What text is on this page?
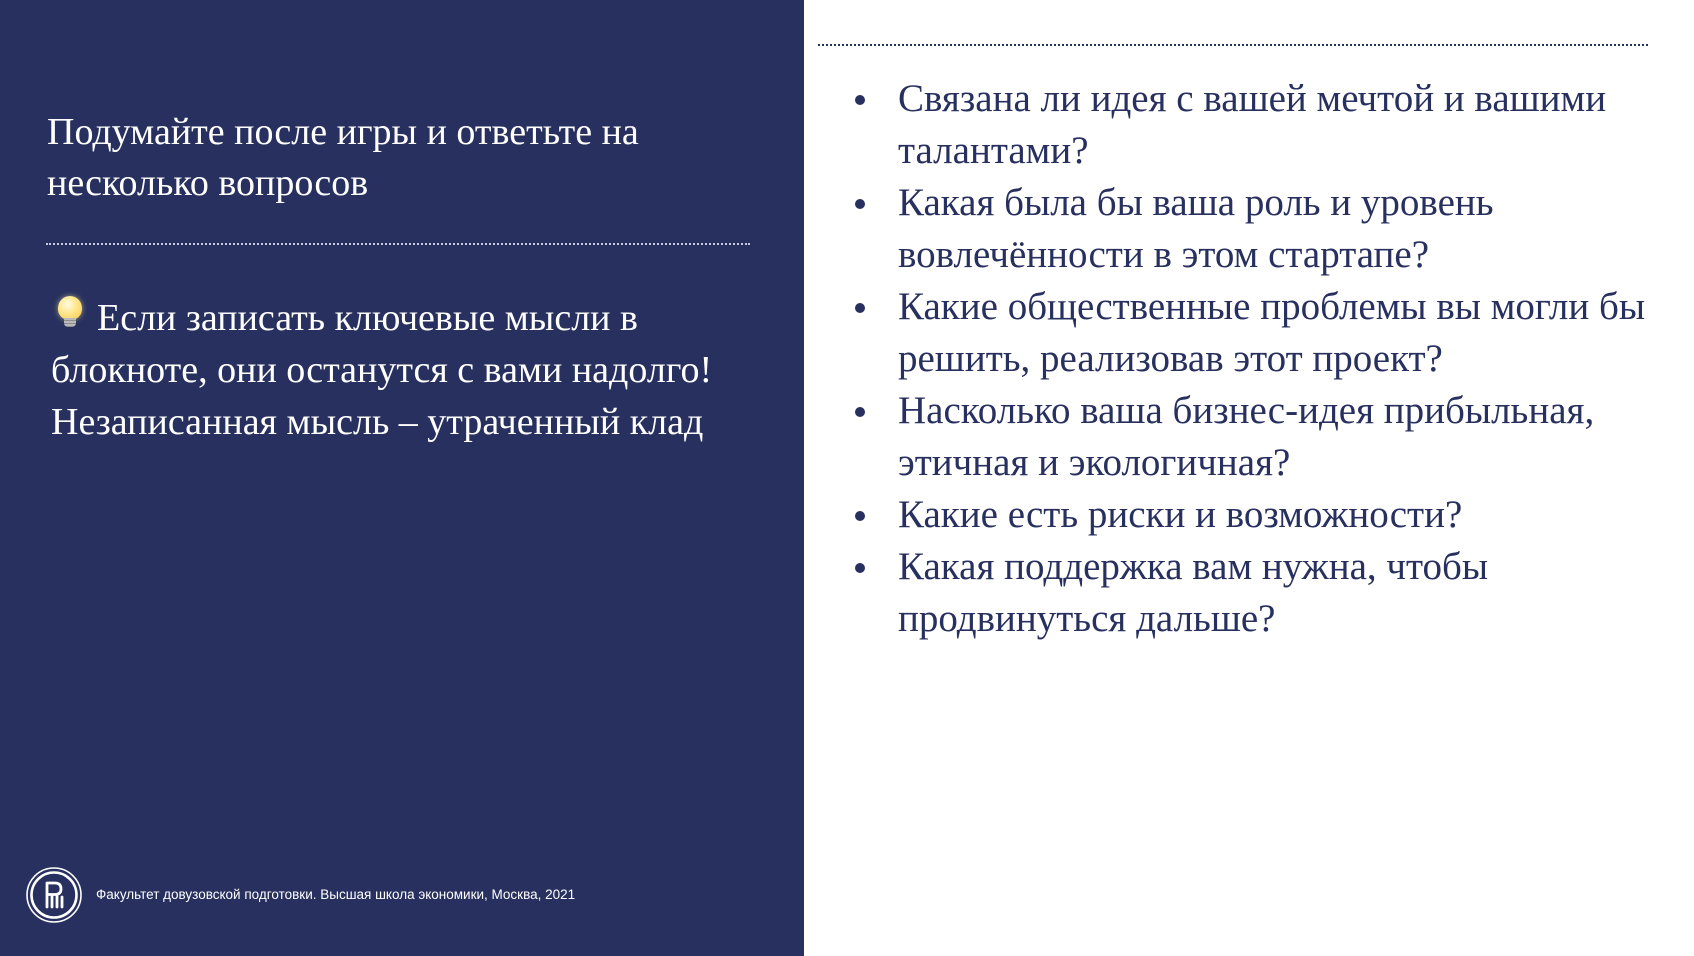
Подумайте после игры и ответьте на несколько вопросов

Если записать ключевые мысли в блокноте, они останутся с вами надолго! Незаписанная мысль – утраченный клад

Факультет довузовской подготовки. Высшая школа экономики, Москва, 2021
Связана ли идея с вашей мечтой и вашими талантами?
Какая была бы ваша роль и уровень вовлечённости в этом стартапе?
Какие общественные проблемы вы могли бы решить, реализовав этот проект?
Насколько ваша бизнес-идея прибыльная, этичная и экологичная?
Какие есть риски и возможности?
Какая поддержка вам нужна, чтобы продвинуться дальше?
